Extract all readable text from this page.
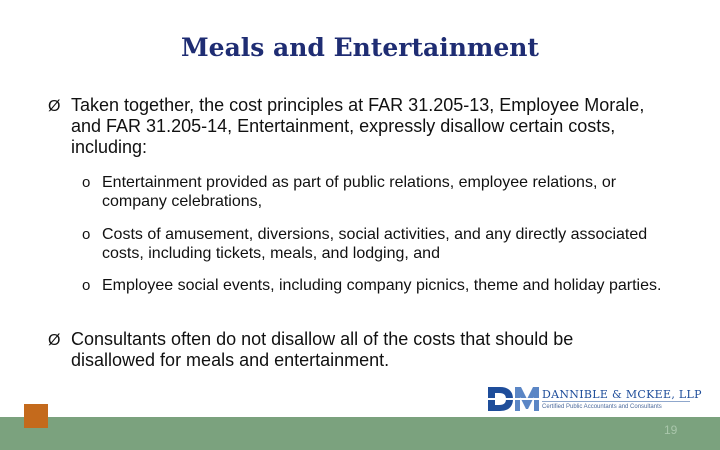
Meals and Entertainment
Ø Taken together, the cost principles at FAR 31.205-13, Employee Morale, and FAR 31.205-14, Entertainment, expressly disallow certain costs, including:
o Entertainment provided as part of public relations, employee relations, or company celebrations,
o Costs of amusement, diversions, social activities, and any directly associated costs, including tickets, meals, and lodging, and
o Employee social events, including company picnics, theme and holiday parties.
Ø Consultants often do not disallow all of the costs that should be disallowed for meals and entertainment.
DANNIBLE & MCKEE, LLP
Certified Public Accountants and Consultants
19
